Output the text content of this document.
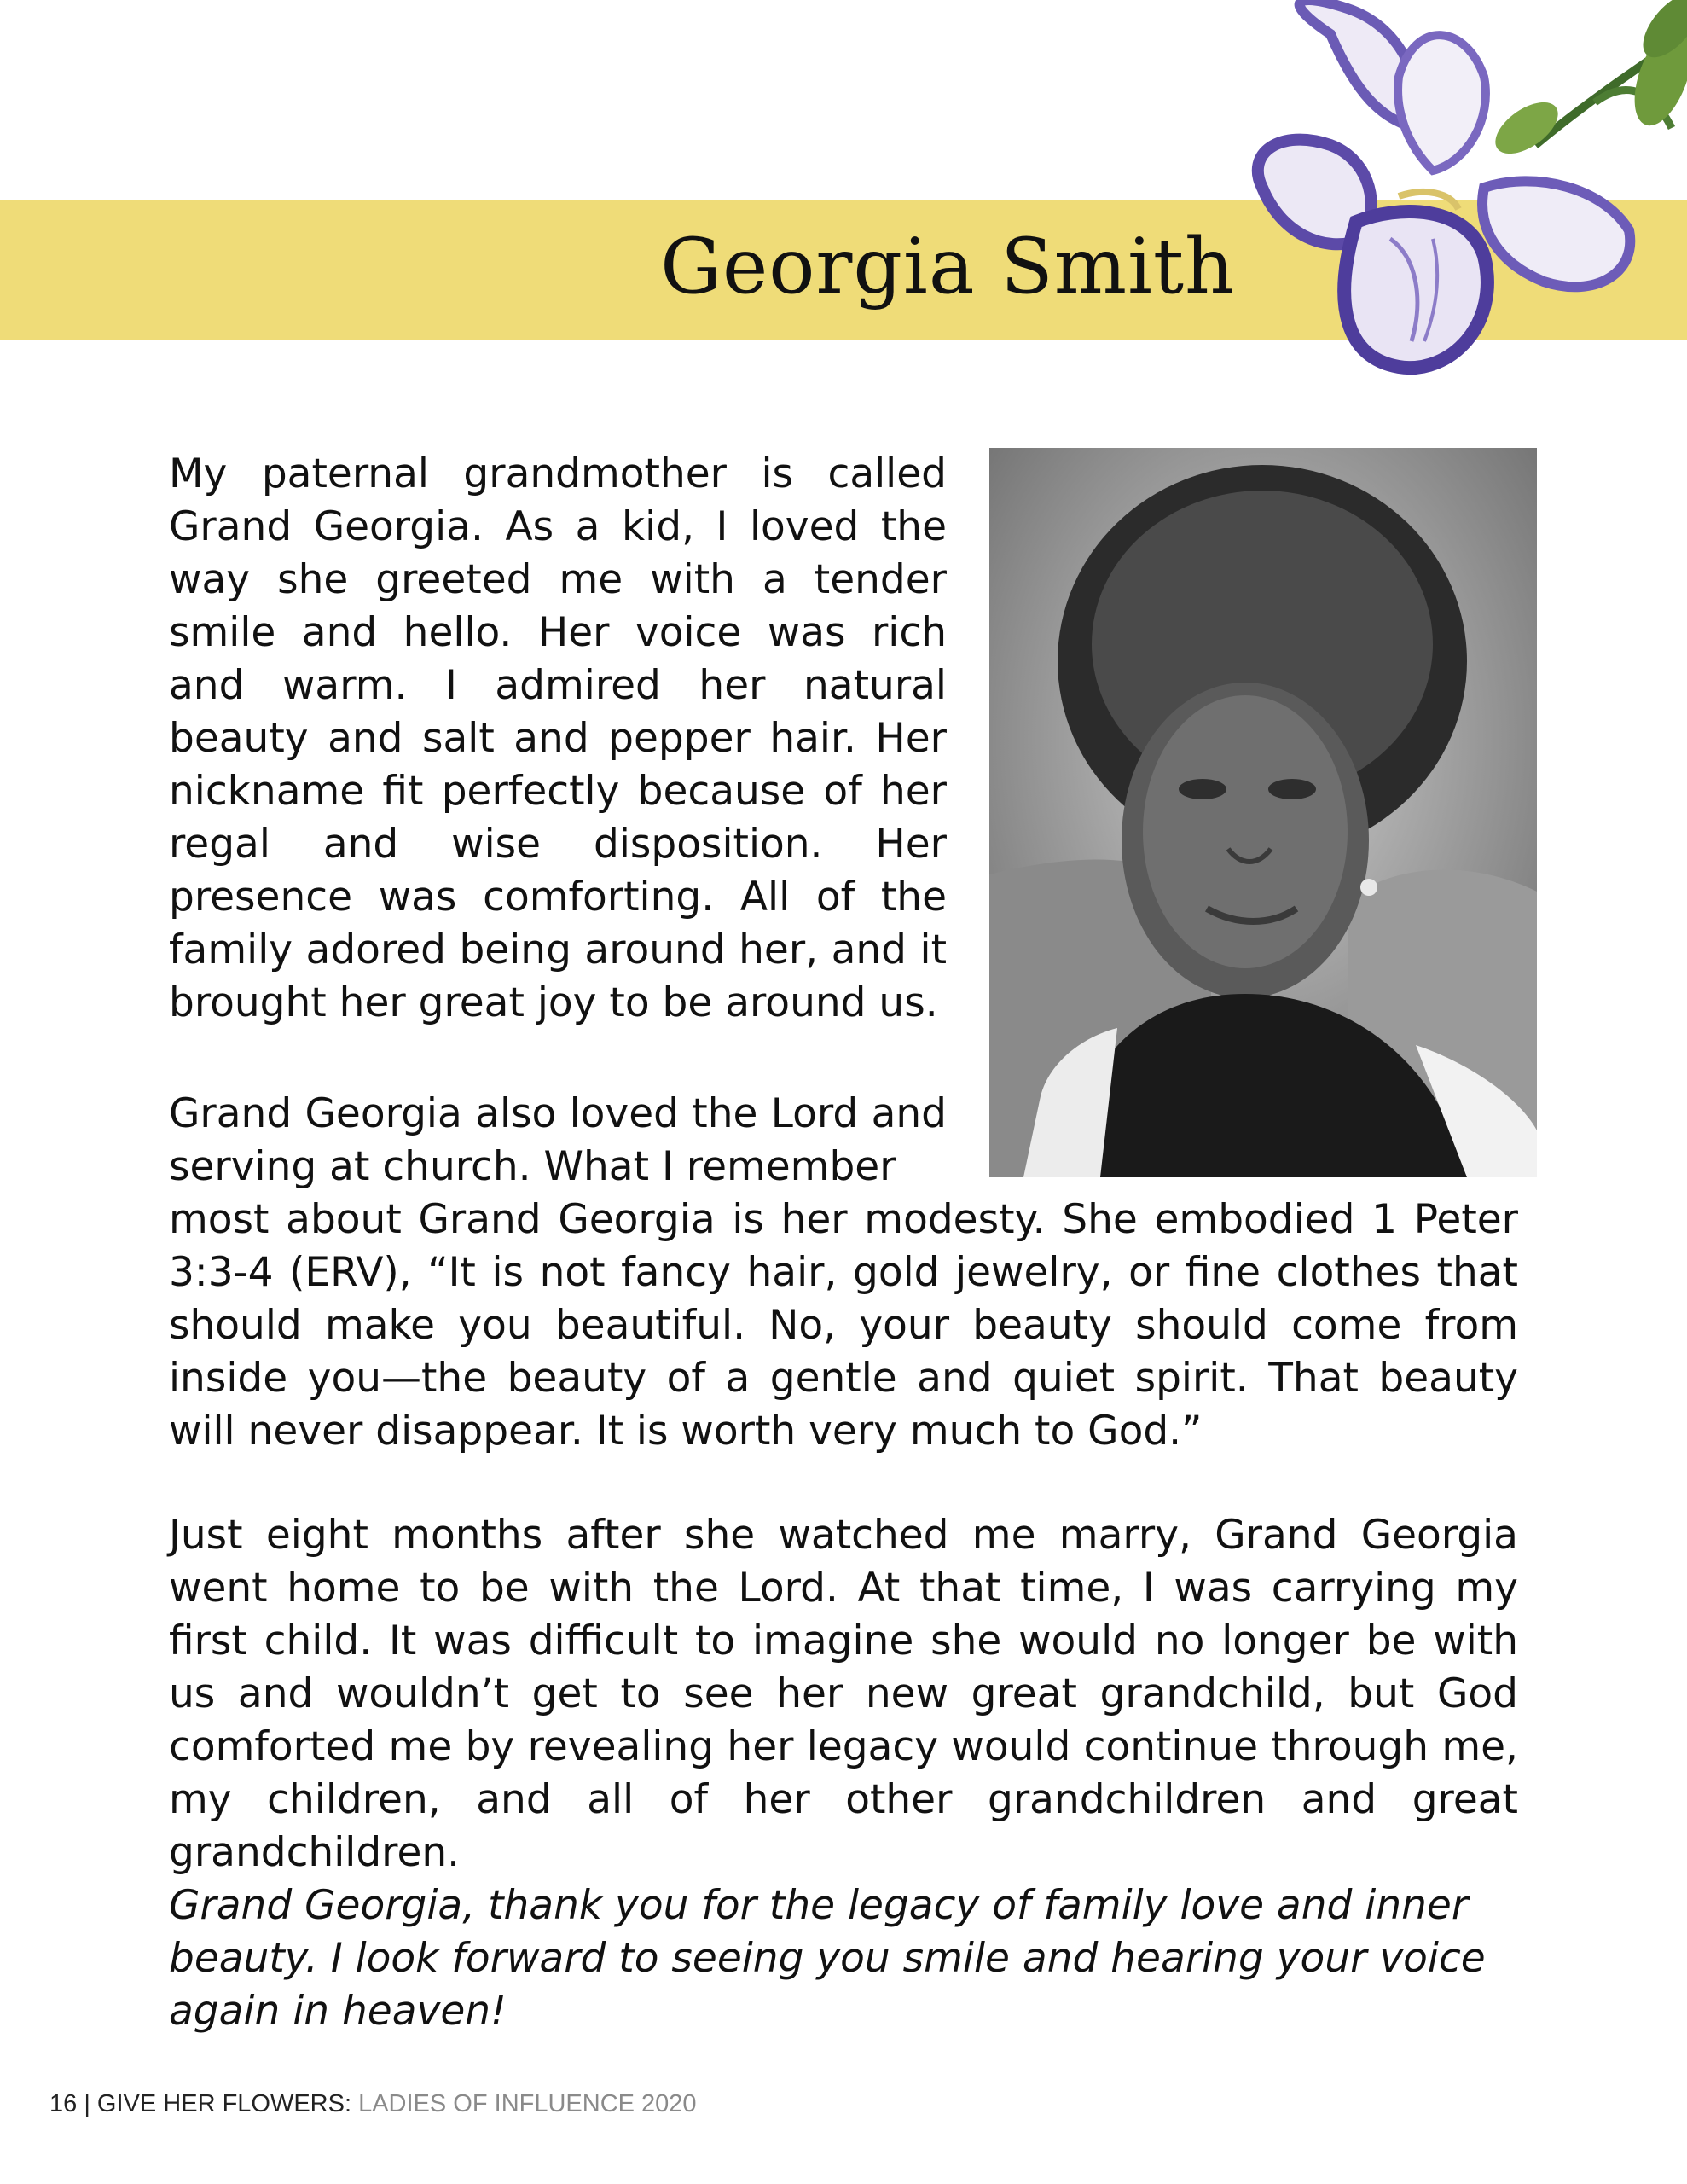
Georgia Smith

My paternal grandmother is called Grand Georgia. As a kid, I loved the way she greeted me with a tender smile and hello. Her voice was rich and warm. I admired her natural beauty and salt and pepper hair. Her nickname fit perfectly because of her regal and wise disposition. Her presence was comforting. All of the family adored being around her, and it brought her great joy to be around us.

Grand Georgia also loved the Lord and serving at church. What I remember

most about Grand Georgia is her modesty. She embodied 1 Peter 3:3-4 (ERV), “It is not fancy hair, gold jewelry, or fine clothes that should make you beautiful. No, your beauty should come from inside you—the beauty of a gentle and quiet spirit. That beauty will never disappear. It is worth very much to God.”

Just eight months after she watched me marry, Grand Georgia went home to be with the Lord. At that time, I was carrying my first child. It was difficult to imagine she would no longer be with us and wouldn’t get to see her new great grandchild, but God comforted me by revealing her legacy would continue through me, my children, and all of her other grandchildren and great grandchildren.

Grand Georgia, thank you for the legacy of family love and inner beauty. I look forward to seeing you smile and hearing your voice again in heaven!

16 | GIVE HER FLOWERS: LADIES OF INFLUENCE 2020
